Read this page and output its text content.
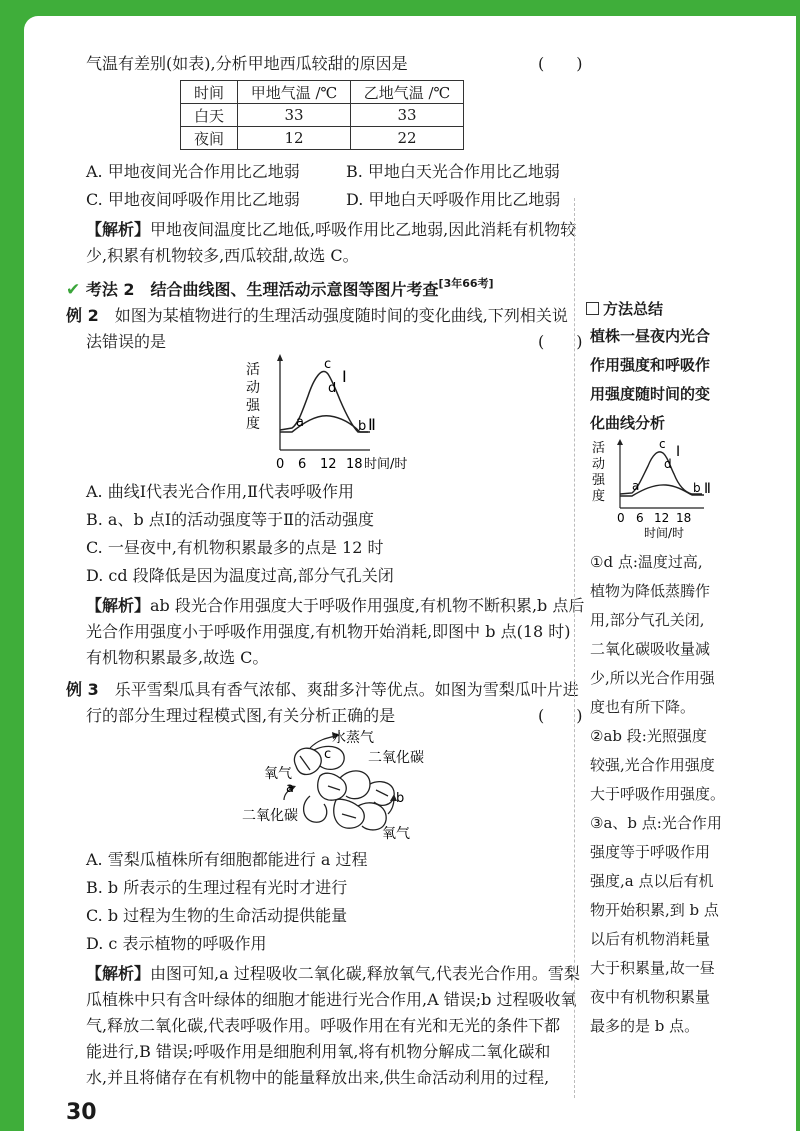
气温有差别(如表),分析甲地西瓜较甜的原因是	(　　)
时间	甲地气温 /℃	乙地气温 /℃
白天	33	33
夜间	12	22
A. 甲地夜间光合作用比乙地弱	B. 甲地白天光合作用比乙地弱
C. 甲地夜间呼吸作用比乙地弱	D. 甲地白天呼吸作用比乙地弱
【解析】甲地夜间温度比乙地低,呼吸作用比乙地弱,因此消耗有机物较
少,积累有机物较多,西瓜较甜,故选 C。
✔ 考法 2　结合曲线图、生理活动示意图等图片考查[3年66考]
例 2　 如图为某植物进行的生理活动强度随时间的变化曲线,下列相关说
法错误的是	(　　)
活
动
强
度	a	b
c
d
Ⅰ
Ⅱ
0 6 12 18 时间/时
A. 曲线Ⅰ代表光合作用,Ⅱ代表呼吸作用
B. a、b 点Ⅰ的活动强度等于Ⅱ的活动强度
C. 一昼夜中,有机物积累最多的点是 12 时
D. cd 段降低是因为温度过高,部分气孔关闭
【解析】ab 段光合作用强度大于呼吸作用强度,有机物不断积累,b 点后
光合作用强度小于呼吸作用强度,有机物开始消耗,即图中 b 点(18 时)
有机物积累最多,故选 C。
例 3　 乐平雪梨瓜具有香气浓郁、爽甜多汁等优点。如图为雪梨瓜叶片进
行的部分生理过程模式图,有关分析正确的是	(　　)
水蒸气
二氧化碳
氧气
二氧化碳
氧气
a
b
c
A. 雪梨瓜植株所有细胞都能进行 a 过程
B. b 所表示的生理过程有光时才进行
C. b 过程为生物的生命活动提供能量
D. c 表示植物的呼吸作用
【解析】由图可知,a 过程吸收二氧化碳,释放氧气,代表光合作用。雪梨
瓜植株中只有含叶绿体的细胞才能进行光合作用,A 错误;b 过程吸收氧
气,释放二氧化碳,代表呼吸作用。呼吸作用在有光和无光的条件下都
能进行,B 错误;呼吸作用是细胞利用氧,将有机物分解成二氧化碳和
水,并且将储存在有机物中的能量释放出来,供生命活动利用的过程,
方法总结
植株一昼夜内光合
作用强度和呼吸作
用强度随时间的变
化曲线分析
活
动
强
度
a	b
c
d
Ⅰ
Ⅱ
0 6 12 18
时间/时
①d 点:温度过高,
植物为降低蒸腾作
用,部分气孔关闭,
二氧化碳吸收量减
少,所以光合作用强
度也有所下降。
②ab 段:光照强度
较强,光合作用强度
大于呼吸作用强度。
③a、b 点:光合作用
强度等于呼吸作用
强度,a 点以后有机
物开始积累,到 b 点
以后有机物消耗量
大于积累量,故一昼
夜中有机物积累量
最多的是 b 点。
30
